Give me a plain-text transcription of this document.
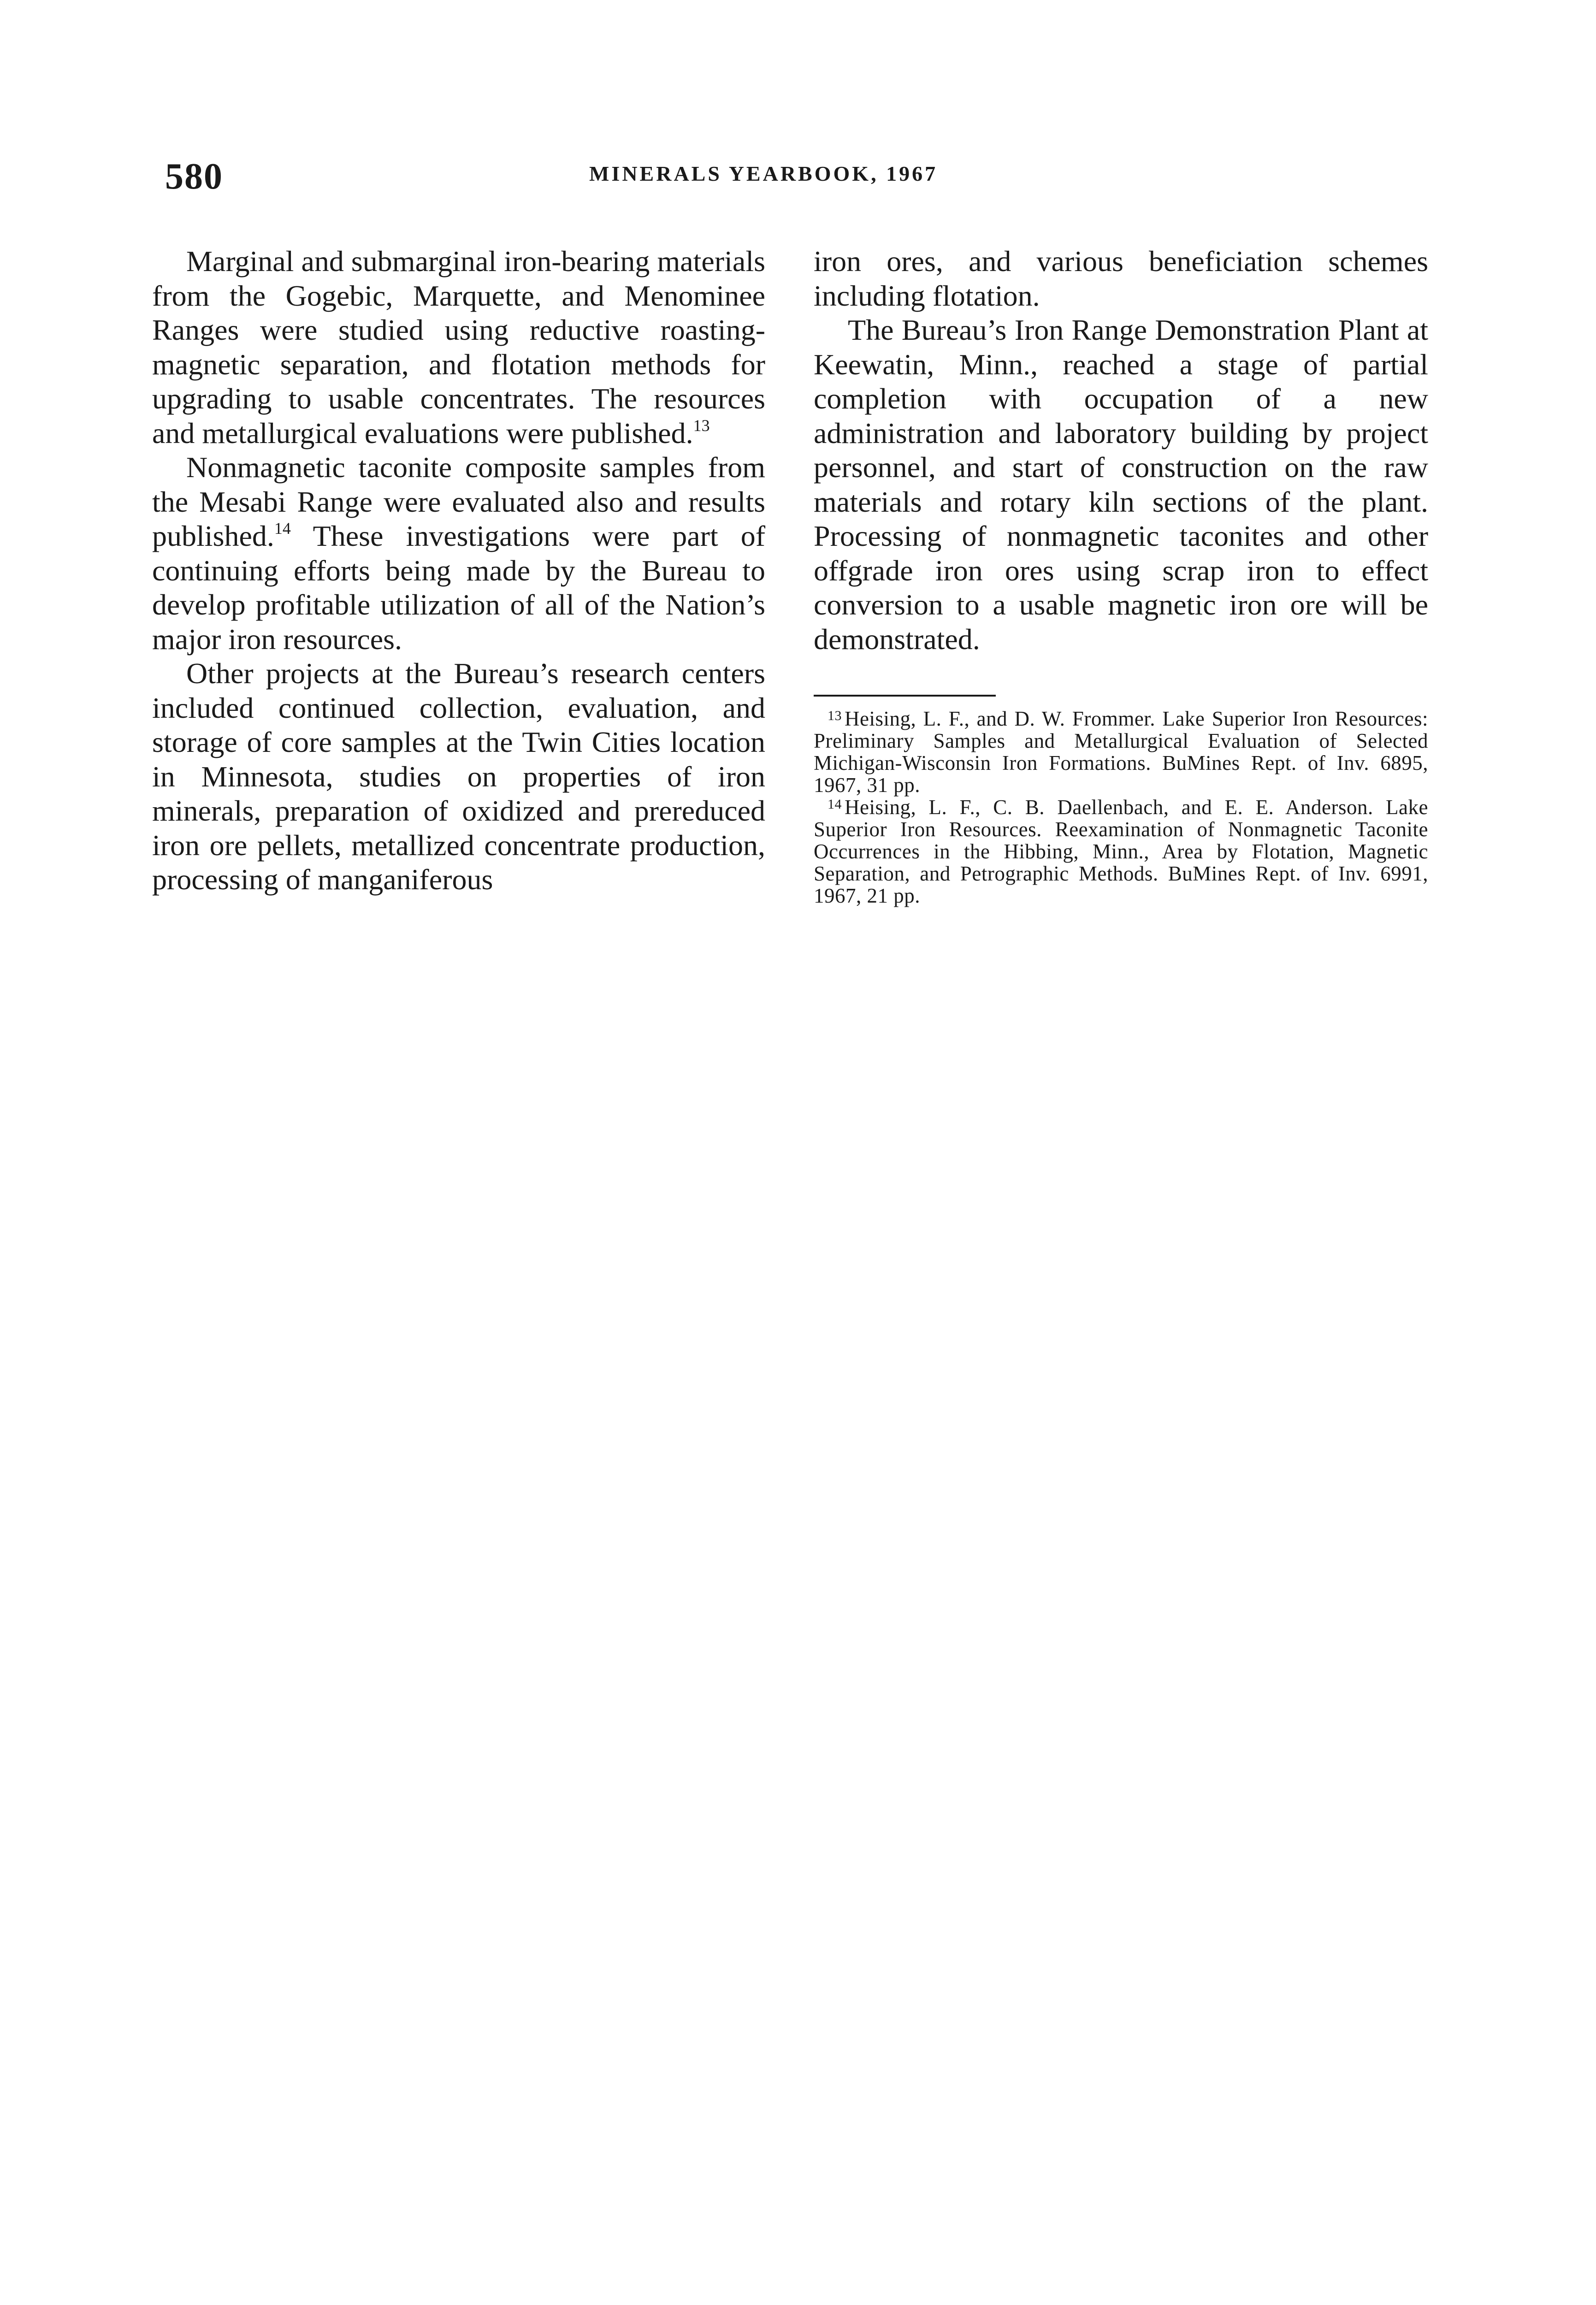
580	MINERALS YEARBOOK, 1967

Marginal and submarginal iron-bearing materials from the Gogebic, Marquette, and Menominee Ranges were studied using reductive roasting-magnetic separation, and flotation methods for upgrading to usable concentrates. The resources and metallurgical evaluations were published.$^{13}$

Nonmagnetic taconite composite samples from the Mesabi Range were evaluated also and results published.$^{14}$ These investigations were part of continuing efforts being made by the Bureau to develop profitable utilization of all of the Nation’s major iron resources.

Other projects at the Bureau’s research centers included continued collection, evaluation, and storage of core samples at the Twin Cities location in Minnesota, studies on properties of iron minerals, preparation of oxidized and prereduced iron ore pellets, metallized concentrate production, processing of manganiferous

iron ores, and various beneficiation schemes including flotation.

The Bureau’s Iron Range Demonstration Plant at Keewatin, Minn., reached a stage of partial completion with occupation of a new administration and laboratory building by project personnel, and start of construction on the raw materials and rotary kiln sections of the plant. Processing of nonmagnetic taconites and other offgrade iron ores using scrap iron to effect conversion to a usable magnetic iron ore will be demonstrated.

$^{13}$ Heising, L. F., and D. W. Frommer. Lake Superior Iron Resources: Preliminary Samples and Metallurgical Evaluation of Selected Michigan-Wisconsin Iron Formations. BuMines Rept. of Inv. 6895, 1967, 31 pp.

$^{14}$ Heising, L. F., C. B. Daellenbach, and E. E. Anderson. Lake Superior Iron Resources. Reexamination of Nonmagnetic Taconite Occurrences in the Hibbing, Minn., Area by Flotation, Magnetic Separation, and Petrographic Methods. BuMines Rept. of Inv. 6991, 1967, 21 pp.
